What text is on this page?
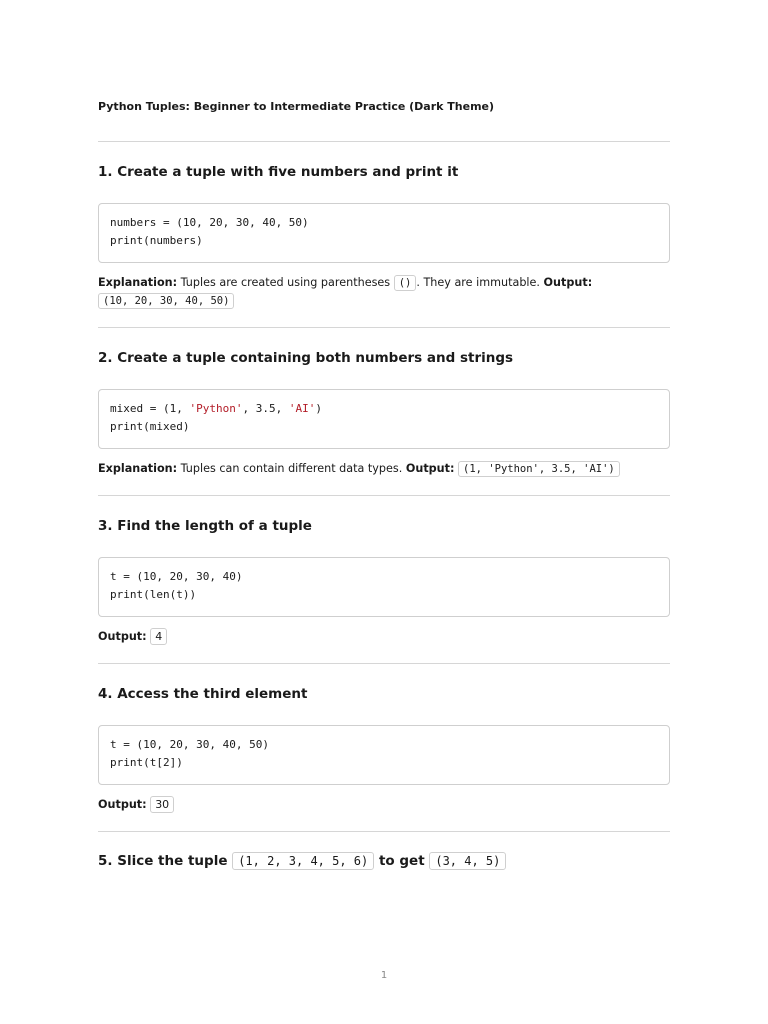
Python Tuples: Beginner to Intermediate Practice (Dark Theme)

1. Create a tuple with five numbers and print it
numbers = (10, 20, 30, 40, 50)
print(numbers)

Explanation: Tuples are created using parentheses () . They are immutable. Output:
(10, 20, 30, 40, 50)

2. Create a tuple containing both numbers and strings
mixed = (1, 'Python', 3.5, 'AI')
print(mixed)

Explanation: Tuples can contain different data types. Output: (1, 'Python', 3.5, 'AI')

3. Find the length of a tuple
t = (10, 20, 30, 40)
print(len(t))

Output: 4

4. Access the third element
t = (10, 20, 30, 40, 50)
print(t[2])

Output: 30

5. Slice the tuple (1, 2, 3, 4, 5, 6) to get (3, 4, 5)
1
